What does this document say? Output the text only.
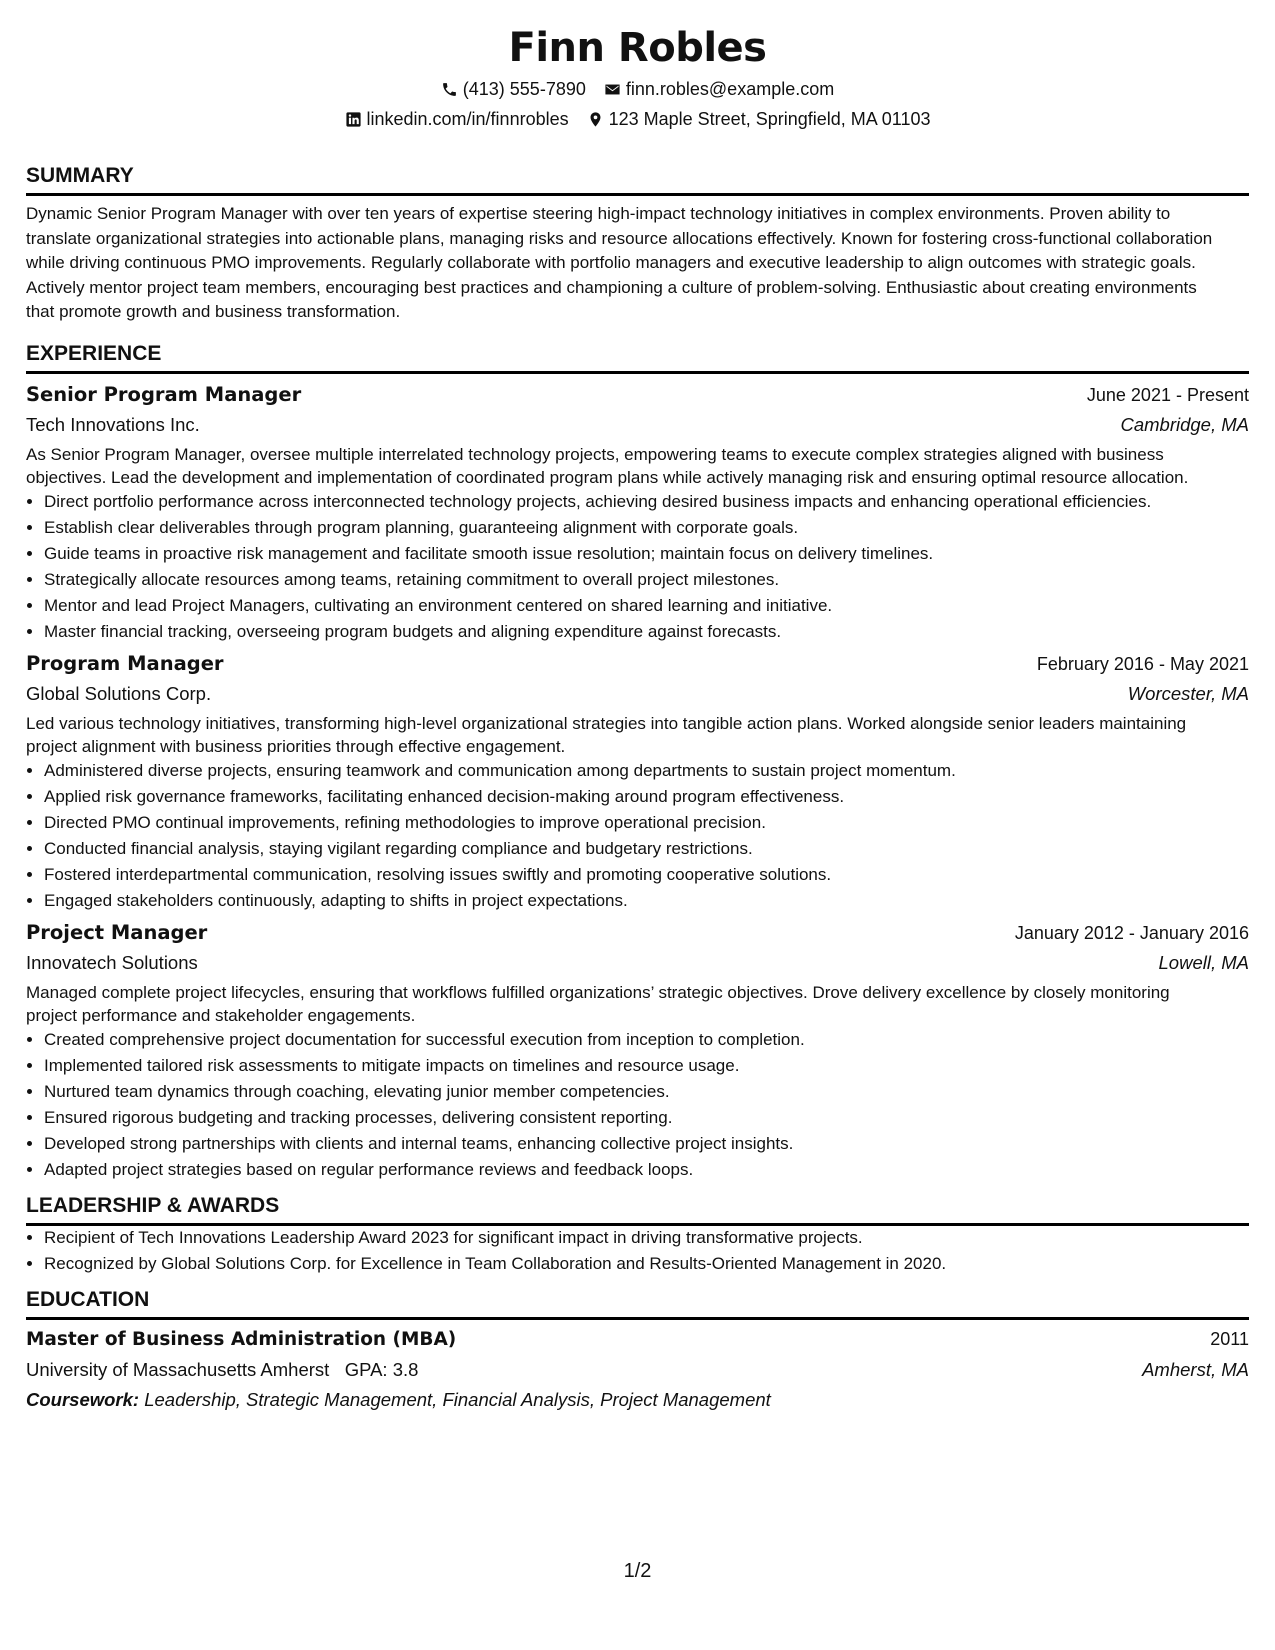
Finn Robles
(413) 555-7890 finn.robles@example.com
linkedin.com/in/finnrobles 123 Maple Street, Springfield, MA 01103
SUMMARY
Dynamic Senior Program Manager with over ten years of expertise steering high-impact technology initiatives in complex environments. Proven ability to translate organizational strategies into actionable plans, managing risks and resource allocations effectively. Known for fostering cross-functional collaboration while driving continuous PMO improvements. Regularly collaborate with portfolio managers and executive leadership to align outcomes with strategic goals. Actively mentor project team members, encouraging best practices and championing a culture of problem-solving. Enthusiastic about creating environments that promote growth and business transformation.
EXPERIENCE
Senior Program Manager	June 2021 - Present
Tech Innovations Inc.	Cambridge, MA
As Senior Program Manager, oversee multiple interrelated technology projects, empowering teams to execute complex strategies aligned with business objectives. Lead the development and implementation of coordinated program plans while actively managing risk and ensuring optimal resource allocation.
• Direct portfolio performance across interconnected technology projects, achieving desired business impacts and enhancing operational efficiencies.
• Establish clear deliverables through program planning, guaranteeing alignment with corporate goals.
• Guide teams in proactive risk management and facilitate smooth issue resolution; maintain focus on delivery timelines.
• Strategically allocate resources among teams, retaining commitment to overall project milestones.
• Mentor and lead Project Managers, cultivating an environment centered on shared learning and initiative.
• Master financial tracking, overseeing program budgets and aligning expenditure against forecasts.
Program Manager	February 2016 - May 2021
Global Solutions Corp.	Worcester, MA
Led various technology initiatives, transforming high-level organizational strategies into tangible action plans. Worked alongside senior leaders maintaining project alignment with business priorities through effective engagement.
• Administered diverse projects, ensuring teamwork and communication among departments to sustain project momentum.
• Applied risk governance frameworks, facilitating enhanced decision-making around program effectiveness.
• Directed PMO continual improvements, refining methodologies to improve operational precision.
• Conducted financial analysis, staying vigilant regarding compliance and budgetary restrictions.
• Fostered interdepartmental communication, resolving issues swiftly and promoting cooperative solutions.
• Engaged stakeholders continuously, adapting to shifts in project expectations.
Project Manager	January 2012 - January 2016
Innovatech Solutions	Lowell, MA
Managed complete project lifecycles, ensuring that workflows fulfilled organizations’ strategic objectives. Drove delivery excellence by closely monitoring project performance and stakeholder engagements.
• Created comprehensive project documentation for successful execution from inception to completion.
• Implemented tailored risk assessments to mitigate impacts on timelines and resource usage.
• Nurtured team dynamics through coaching, elevating junior member competencies.
• Ensured rigorous budgeting and tracking processes, delivering consistent reporting.
• Developed strong partnerships with clients and internal teams, enhancing collective project insights.
• Adapted project strategies based on regular performance reviews and feedback loops.
LEADERSHIP & AWARDS
• Recipient of Tech Innovations Leadership Award 2023 for significant impact in driving transformative projects.
• Recognized by Global Solutions Corp. for Excellence in Team Collaboration and Results-Oriented Management in 2020.
EDUCATION
Master of Business Administration (MBA)	2011
University of Massachusetts Amherst GPA: 3.8	Amherst, MA
Coursework: Leadership, Strategic Management, Financial Analysis, Project Management
1/2
